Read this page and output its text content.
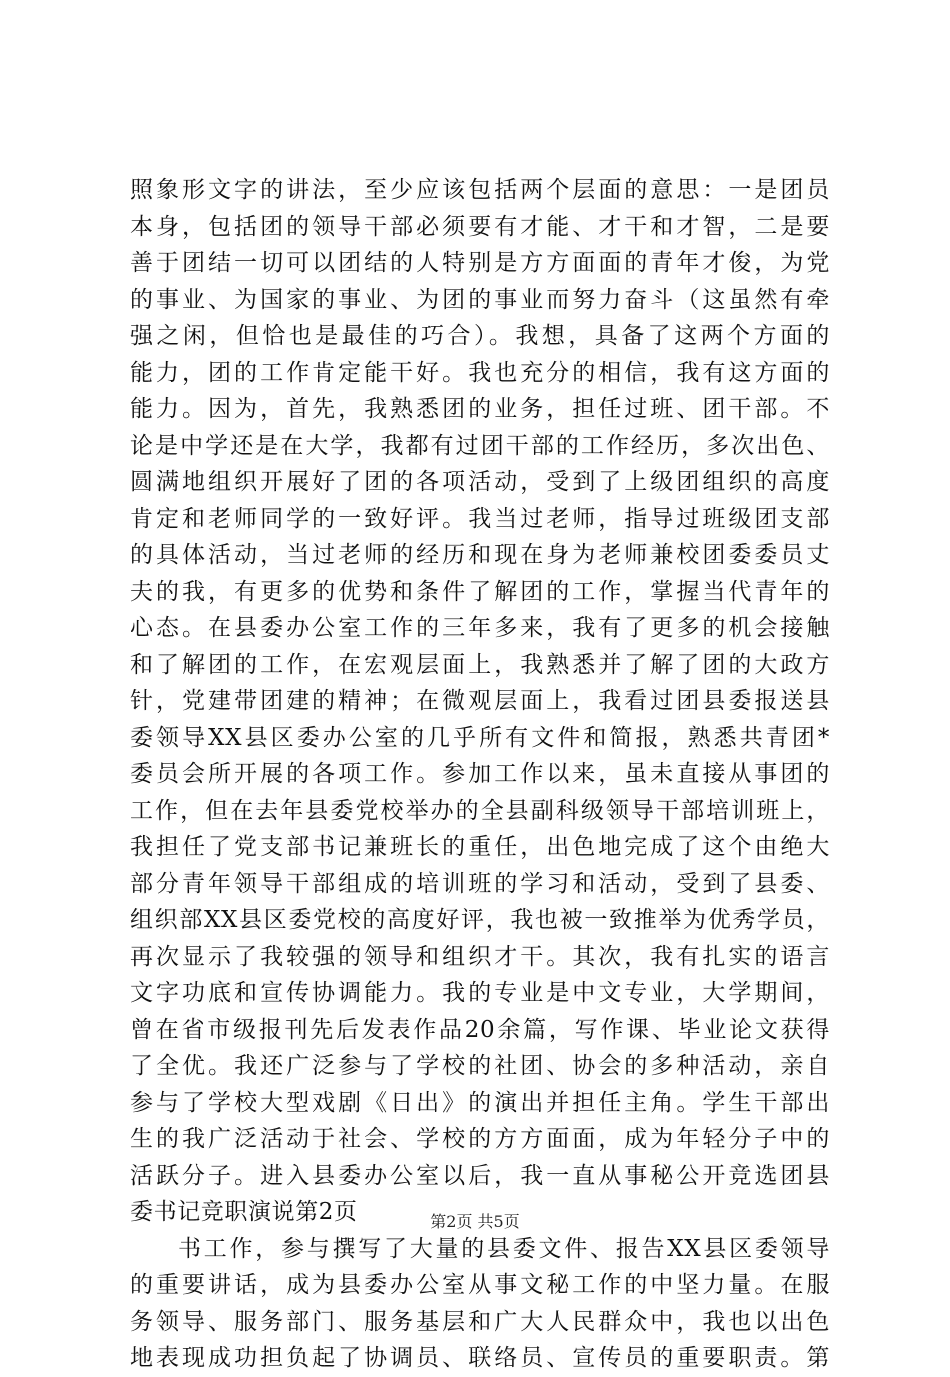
照象形文字的讲法，至少应该包括两个层面的意思：一是团员
本身，包括团的领导干部必须要有才能、才干和才智，二是要
善于团结一切可以团结的人特别是方方面面的青年才俊，为党
的事业、为国家的事业、为团的事业而努力奋斗（这虽然有牵
强之闲，但恰也是最佳的巧合）。我想，具备了这两个方面的
能力，团的工作肯定能干好。我也充分的相信，我有这方面的
能力。因为，首先，我熟悉团的业务，担任过班、团干部。不
论是中学还是在大学，我都有过团干部的工作经历，多次出色、
圆满地组织开展好了团的各项活动，受到了上级团组织的高度
肯定和老师同学的一致好评。我当过老师，指导过班级团支部
的具体活动，当过老师的经历和现在身为老师兼校团委委员丈
夫的我，有更多的优势和条件了解团的工作，掌握当代青年的
心态。在县委办公室工作的三年多来，我有了更多的机会接触
和了解团的工作，在宏观层面上，我熟悉并了解了团的大政方
针，党建带团建的精神；在微观层面上，我看过团县委报送县
委领导XX县区委办公室的几乎所有文件和简报，熟悉共青团*
委员会所开展的各项工作。参加工作以来，虽未直接从事团的
工作，但在去年县委党校举办的全县副科级领导干部培训班上，
我担任了党支部书记兼班长的重任，出色地完成了这个由绝大
部分青年领导干部组成的培训班的学习和活动，受到了县委、
组织部XX县区委党校的高度好评，我也被一致推举为优秀学员，
再次显示了我较强的领导和组织才干。其次，我有扎实的语言
文字功底和宣传协调能力。我的专业是中文专业，大学期间，
曾在省市级报刊先后发表作品20余篇，写作课、毕业论文获得
了全优。我还广泛参与了学校的社团、协会的多种活动，亲自
参与了学校大型戏剧《日出》的演出并担任主角。学生干部出
生的我广泛活动于社会、学校的方方面面，成为年轻分子中的
活跃分子。进入县委办公室以后，我一直从事秘公开竞选团县
委书记竞职演说第2页
书工作，参与撰写了大量的县委文件、报告XX县区委领导
的重要讲话，成为县委办公室从事文秘工作的中坚力量。在服
务领导、服务部门、服务基层和广大人民群众中，我也以出色
地表现成功担负起了协调员、联络员、宣传员的重要职责。第
第2页 共5页
